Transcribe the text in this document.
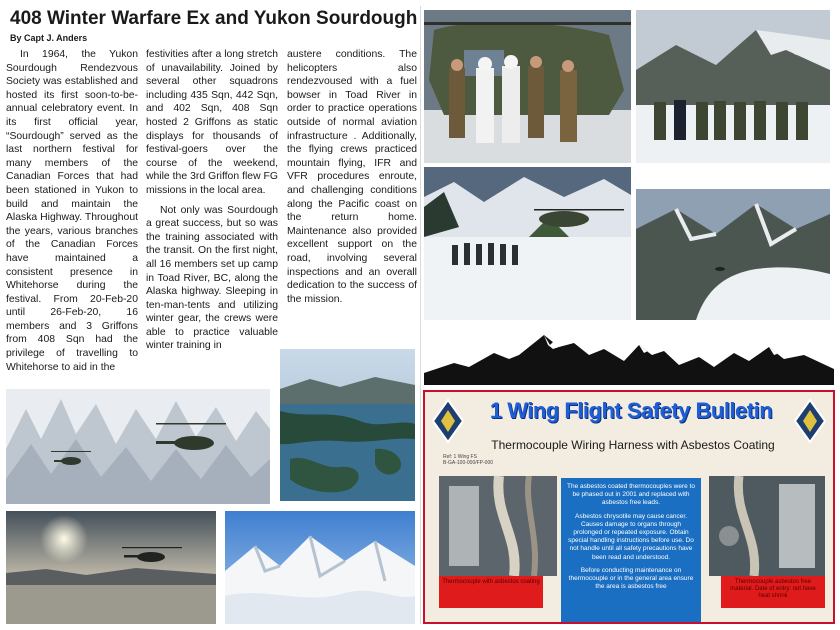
408 Winter Warfare Ex and Yukon Sourdough
By Capt J. Anders

In 1964, the Yukon Sourdough Rendezvous Society was established and hosted its first soon-to-be-annual celebratory event. In its first official year, “Sourdough” served as the last northern festival for many members of the Canadian Forces that had been stationed in Yukon to build and maintain the Alaska Highway. Throughout the years, various branches of the Canadian Forces have maintained a consistent presence in Whitehorse during the festival. From 20-Feb-20 until 26-Feb-20, 16 members and 3 Griffons from 408 Sqn had the privilege of travelling to Whitehorse to aid in the

festivities after a long stretch of unavailability. Joined by several other squadrons including 435 Sqn, 442 Sqn, and 402 Sqn, 408 Sqn hosted 2 Griffons as static displays for thousands of festival-goers over the course of the weekend, while the 3rd Griffon flew FG missions in the local area.

Not only was Sourdough a great success, but so was the training associated with the transit. On the first night, all 16 members set up camp in Toad River, BC, along the Alaska highway. Sleeping in ten-man-tents and utilizing winter gear, the crews were able to practice valuable winter training in

austere conditions. The helicopters also rendezvoused with a fuel bowser in Toad River in order to practice operations outside of normal aviation infrastructure . Additionally, the flying crews practiced mountain flying, IFR and VFR procedures enroute, and challenging conditions along the Pacific coast on the return home. Maintenance also provided excellent support on the road, involving several inspections and an overall dedication to the success of the mission.

1 Wing Flight Safety Bulletin
Thermocouple Wiring Harness with Asbestos Coating
Ref: 1 Wing FS
B-GA-100-000/FP-000
Thermocouple with asbestos coating

The asbestos coated thermocouples were to be phased out in 2001 and replaced with asbestos free leads.

Asbestos chrysotile may cause cancer. Causes damage to organs through prolonged or repeated exposure. Obtain special handling instructions before use. Do not handle until all safety precautions have been read and understood.

Before conducting maintenance on thermocouple or in the general area ensure the area is asbestos free

Thermocouple asbestos free material. Date of entry: not have heat shrink
